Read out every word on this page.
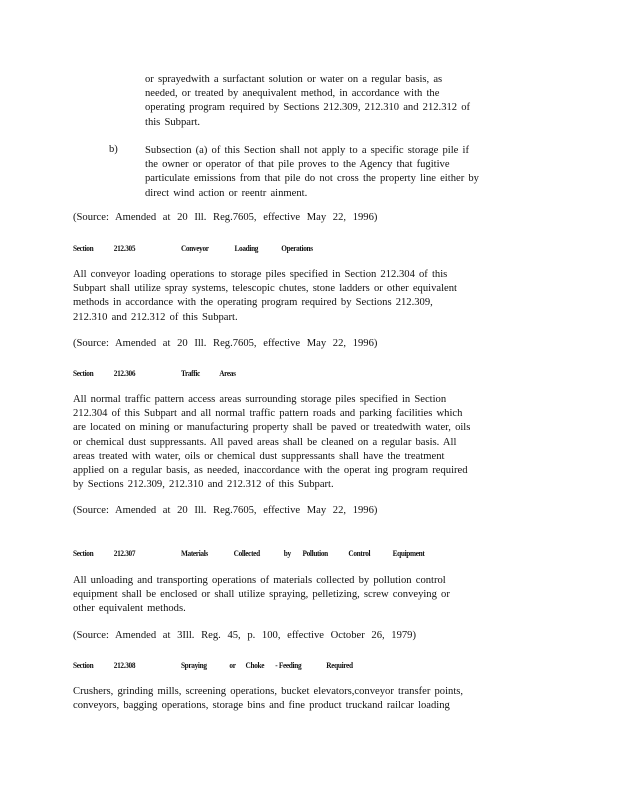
or sprayedwith a surfactant solution or water on a regular basis, as
needed, or treated by anequivalent method, in accordance with the
operating program required by Sections 212.309, 212.310 and 212.312 of
this Subpart.
b)	Subsection (a) of this Section shall not apply to a specific storage pile if
the owner or operator of that pile proves to the Agency that fugitive
particulate emissions from that pile do not cross the property line either by
direct wind action or reentr ainment.
(Source: Amended at 20 Ill. Reg.7605, effective May 22, 1996)
Section 212.305	Conveyor	Loading	Operations
All conveyor loading operations to storage piles specified in Section 212.304 of this
Subpart shall utilize spray systems, telescopic chutes, stone ladders or other equivalent
methods in accordance with the operating program required by Sections 212.309,
212.310 and 212.312 of this Subpart.
(Source: Amended at 20 Ill. Reg.7605, effective May 22, 1996)
Section 212.306	Traffic Areas
All normal traffic pattern access areas surrounding storage piles specified in Section
212.304 of this Subpart and all normal traffic pattern roads and parking facilities which
are located on mining or manufacturing property shall be paved or treatedwith water, oils
or chemical dust suppressants. All paved areas shall be cleaned on a regular basis. All
areas treated with water, oils or chemical dust suppressants shall have the treatment
applied on a regular basis, as needed, inaccordance with the operat ing program required
by Sections 212.309, 212.310 and 212.312 of this Subpart.
(Source: Amended at 20 Ill. Reg.7605, effective May 22, 1996)
Section 212.307	Materials	Collected	by Pollution Control	Equipment
All unloading and transporting operations of materials collected by pollution control
equipment shall be enclosed or shall utilize spraying, pelletizing, screw conveying or
other equivalent methods.
(Source: Amended at 3Ill. Reg. 45, p. 100, effective October 26, 1979)
Section 212.308	Spraying	or Choke - Feeding	Required
Crushers, grinding mills, screening operations, bucket elevators,conveyor transfer points,
conveyors, bagging operations, storage bins and fine product truckand railcar loading
